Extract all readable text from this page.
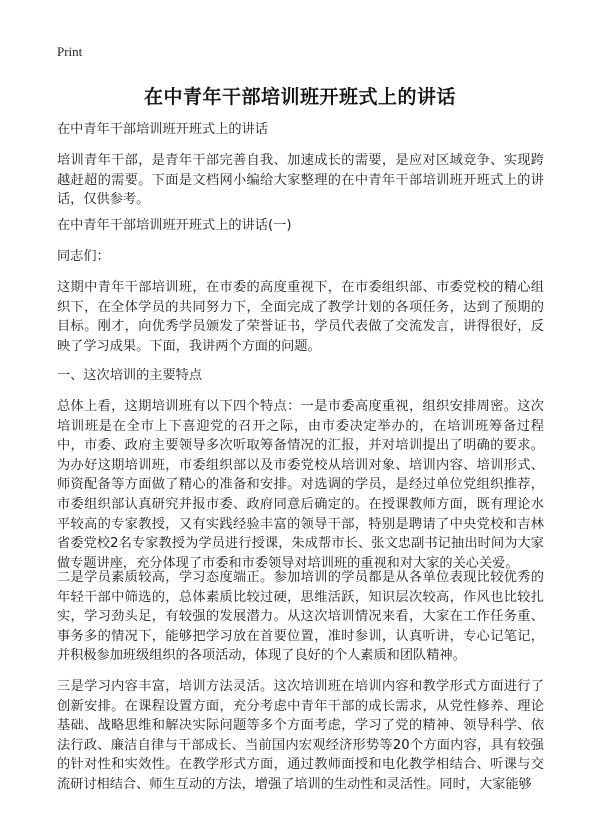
Print
在中青年干部培训班开班式上的讲话

在中青年干部培训班开班式上的讲话

培训青年干部，是青年干部完善自我、加速成长的需要，是应对区域竞争、实现跨越赶超的需要。下面是文档网小编给大家整理的在中青年干部培训班开班式上的讲话，仅供参考。

在中青年干部培训班开班式上的讲话(一)

同志们：

这期中青年干部培训班，在市委的高度重视下，在市委组织部、市委党校的精心组织下，在全体学员的共同努力下，全面完成了教学计划的各项任务，达到了预期的目标。刚才，向优秀学员颁发了荣誉证书，学员代表做了交流发言，讲得很好，反映了学习成果。下面，我讲两个方面的问题。

一、这次培训的主要特点

总体上看，这期培训班有以下四个特点：一是市委高度重视，组织安排周密。这次培训班是在全市上下喜迎党的召开之际，由市委决定举办的，在培训班筹备过程中，市委、政府主要领导多次听取筹备情况的汇报，并对培训提出了明确的要求。为办好这期培训班，市委组织部以及市委党校从培训对象、培训内容、培训形式、师资配备等方面做了精心的准备和安排。对选调的学员，是经过单位党组织推荐，市委组织部认真研究并报市委、政府同意后确定的。在授课教师方面，既有理论水平较高的专家教授，又有实践经验丰富的领导干部，特别是聘请了中央党校和吉林省委党校2名专家教授为学员进行授课，朱成帮市长、张文忠副书记抽出时间为大家做专题讲座，充分体现了市委和市委领导对培训班的重视和对大家的关心关爱。

二是学员素质较高，学习态度端正。参加培训的学员都是从各单位表现比较优秀的年轻干部中筛选的，总体素质比较过硬，思维活跃，知识层次较高，作风也比较扎实，学习劲头足，有较强的发展潜力。从这次培训情况来看，大家在工作任务重、事务多的情况下，能够把学习放在首要位置，准时参训，认真听讲，专心记笔记，并积极参加班级组织的各项活动，体现了良好的个人素质和团队精神。

三是学习内容丰富，培训方法灵活。这次培训班在培训内容和教学形式方面进行了创新安排。在课程设置方面，充分考虑中青年干部的成长需求，从党性修养、理论基础、战略思维和解决实际问题等多个方面考虑，学习了党的精神、领导科学、依法行政、廉洁自律与干部成长、当前国内宏观经济形势等20个方面内容，具有较强的针对性和实效性。在教学形式方面，通过教师面授和电化教学相结合、听课与交流研讨相结合、师生互动的方法，增强了培训的生动性和灵活性。同时，大家能够
